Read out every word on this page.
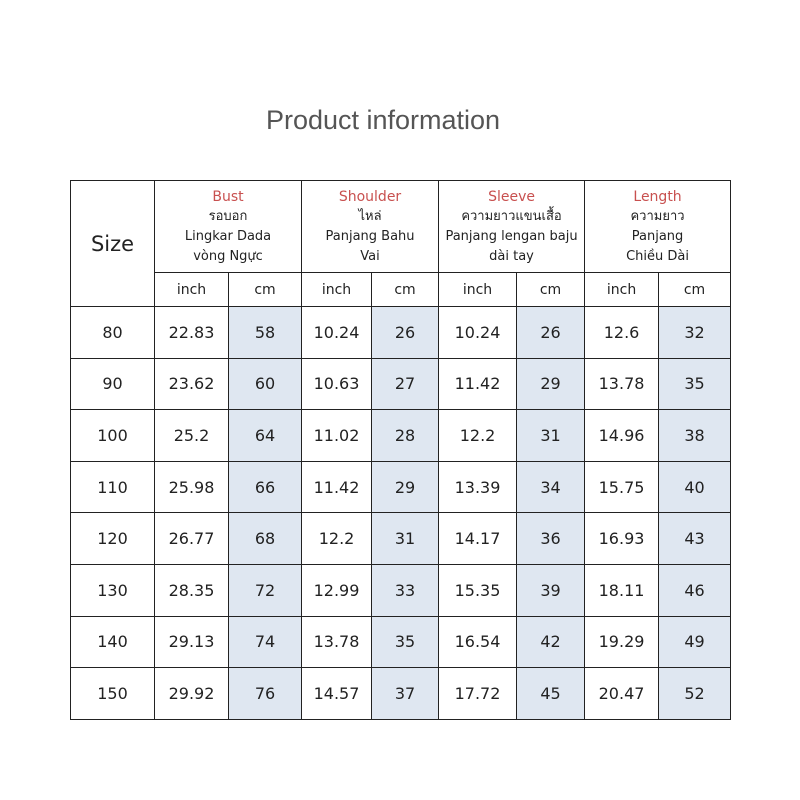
Product information
Size	Bust
รอบอก
Lingkar Dada
vòng Ngực		Shoulder
ไหล่
Panjang Bahu
Vai		Sleeve
ความยาวแขนเสื้อ
Panjang lengan baju
dài tay		Length
ความยาว
Panjang
Chiều Dài	

	inch	cm	inch	cm	inch	cm	inch	cm
80	22.83	58	10.24	26	10.24	26	12.6	32
90	23.62	60	10.63	27	11.42	29	13.78	35
100	25.2	64	11.02	28	12.2	31	14.96	38
110	25.98	66	11.42	29	13.39	34	15.75	40
120	26.77	68	12.2	31	14.17	36	16.93	43
130	28.35	72	12.99	33	15.35	39	18.11	46
140	29.13	74	13.78	35	16.54	42	19.29	49
150	29.92	76	14.57	37	17.72	45	20.47	52
